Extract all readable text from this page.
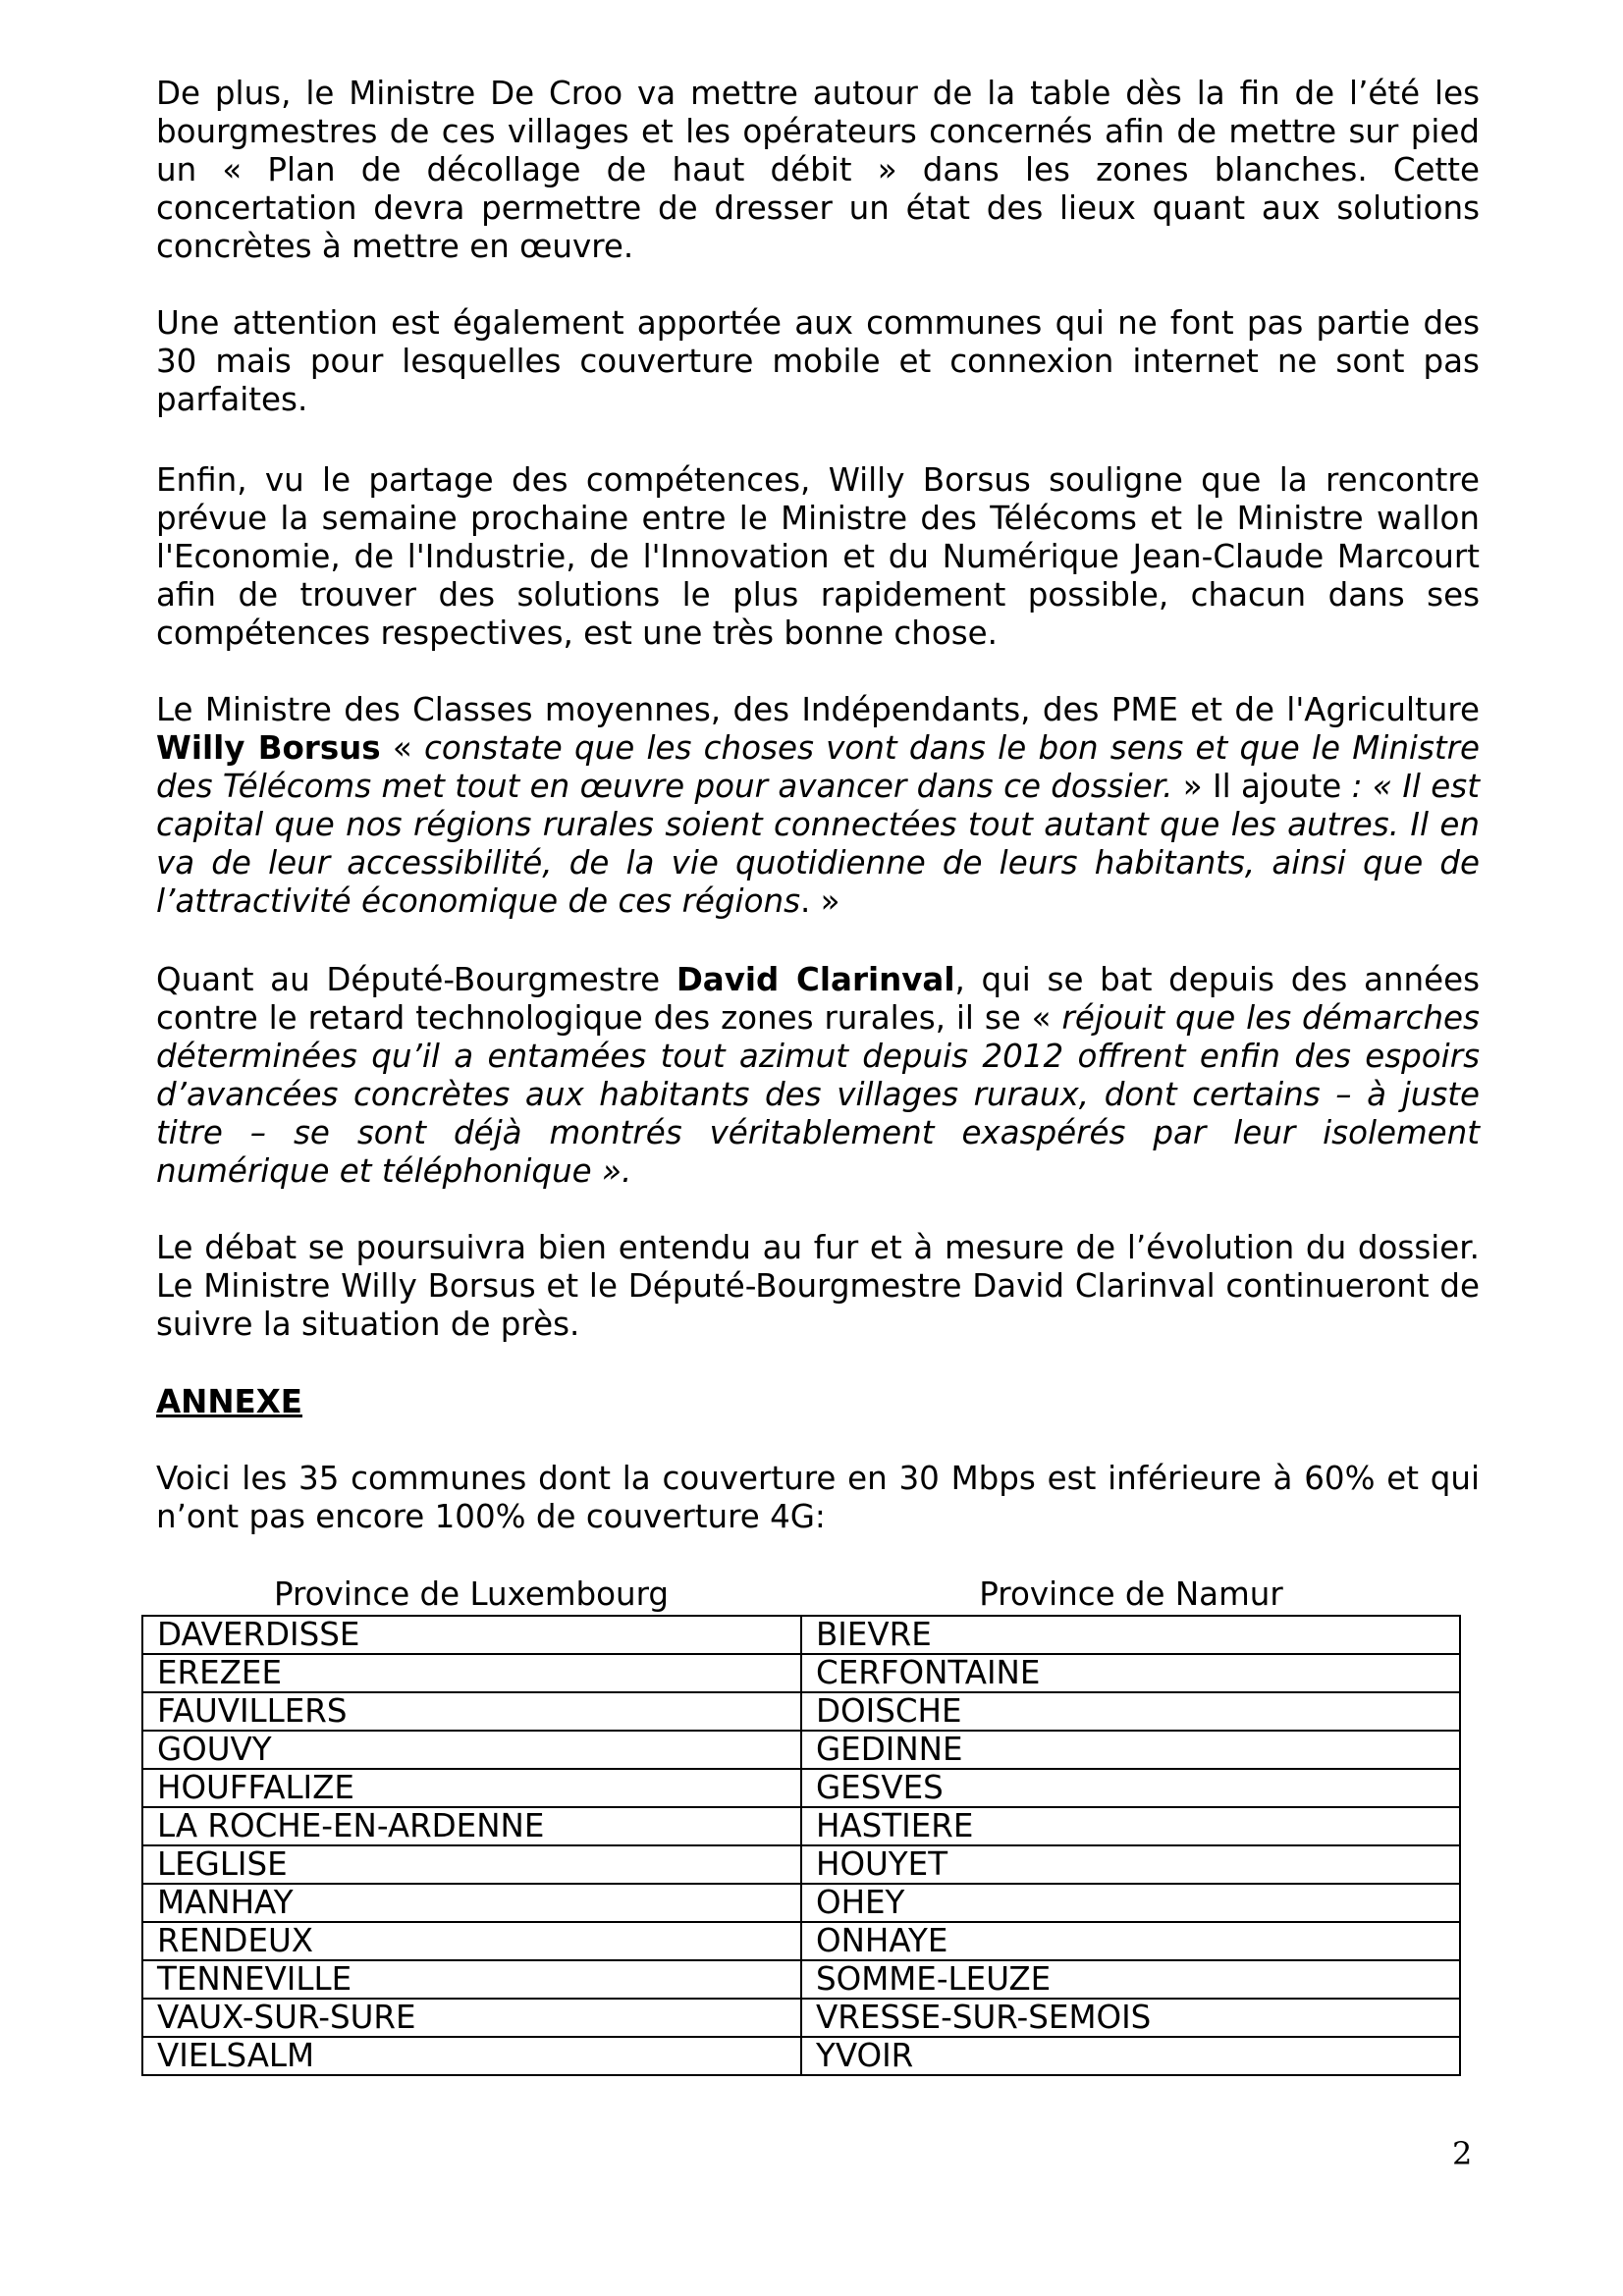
De plus, le Ministre De Croo va mettre autour de la table dès la fin de l’été les bourgmestres de ces villages et les opérateurs concernés afin de mettre sur pied un « Plan de décollage de haut débit » dans les zones blanches. Cette concertation devra permettre de dresser un état des lieux quant aux solutions concrètes à mettre en œuvre.

Une attention est également apportée aux communes qui ne font pas partie des 30 mais pour lesquelles couverture mobile et connexion internet ne sont pas parfaites.

Enfin, vu le partage des compétences, Willy Borsus souligne que la rencontre prévue la semaine prochaine entre le Ministre des Télécoms et le Ministre wallon l'Economie, de l'Industrie, de l'Innovation et du Numérique Jean-Claude Marcourt afin de trouver des solutions le plus rapidement possible, chacun dans ses compétences respectives, est une très bonne chose.

Le Ministre des Classes moyennes, des Indépendants, des PME et de l'Agriculture Willy Borsus « constate que les choses vont dans le bon sens et que le Ministre des Télécoms met tout en œuvre pour avancer dans ce dossier. » Il ajoute : « Il est capital que nos régions rurales soient connectées tout autant que les autres. Il en va de leur accessibilité, de la vie quotidienne de leurs habitants, ainsi que de l’attractivité économique de ces régions. »

Quant au Député-Bourgmestre David Clarinval, qui se bat depuis des années contre le retard technologique des zones rurales, il se « réjouit que les démarches déterminées qu’il a entamées tout azimut depuis 2012 offrent enfin des espoirs d’avancées concrètes aux habitants des villages ruraux, dont certains – à juste titre – se sont déjà montrés véritablement exaspérés par leur isolement numérique et téléphonique ».

Le débat se poursuivra bien entendu au fur et à mesure de l’évolution du dossier. Le Ministre Willy Borsus et le Député-Bourgmestre David Clarinval continueront de suivre la situation de près.

ANNEXE

Voici les 35 communes dont la couverture en 30 Mbps est inférieure à 60% et qui n’ont pas encore 100% de couverture 4G:

Province de Luxembourg	Province de Namur
DAVERDISSE	BIEVRE
EREZEE	CERFONTAINE
FAUVILLERS	DOISCHE
GOUVY	GEDINNE
HOUFFALIZE	GESVES
LA ROCHE-EN-ARDENNE	HASTIERE
LEGLISE	HOUYET
MANHAY	OHEY
RENDEUX	ONHAYE
TENNEVILLE	SOMME-LEUZE
VAUX-SUR-SURE	VRESSE-SUR-SEMOIS
VIELSALM	YVOIR
2
